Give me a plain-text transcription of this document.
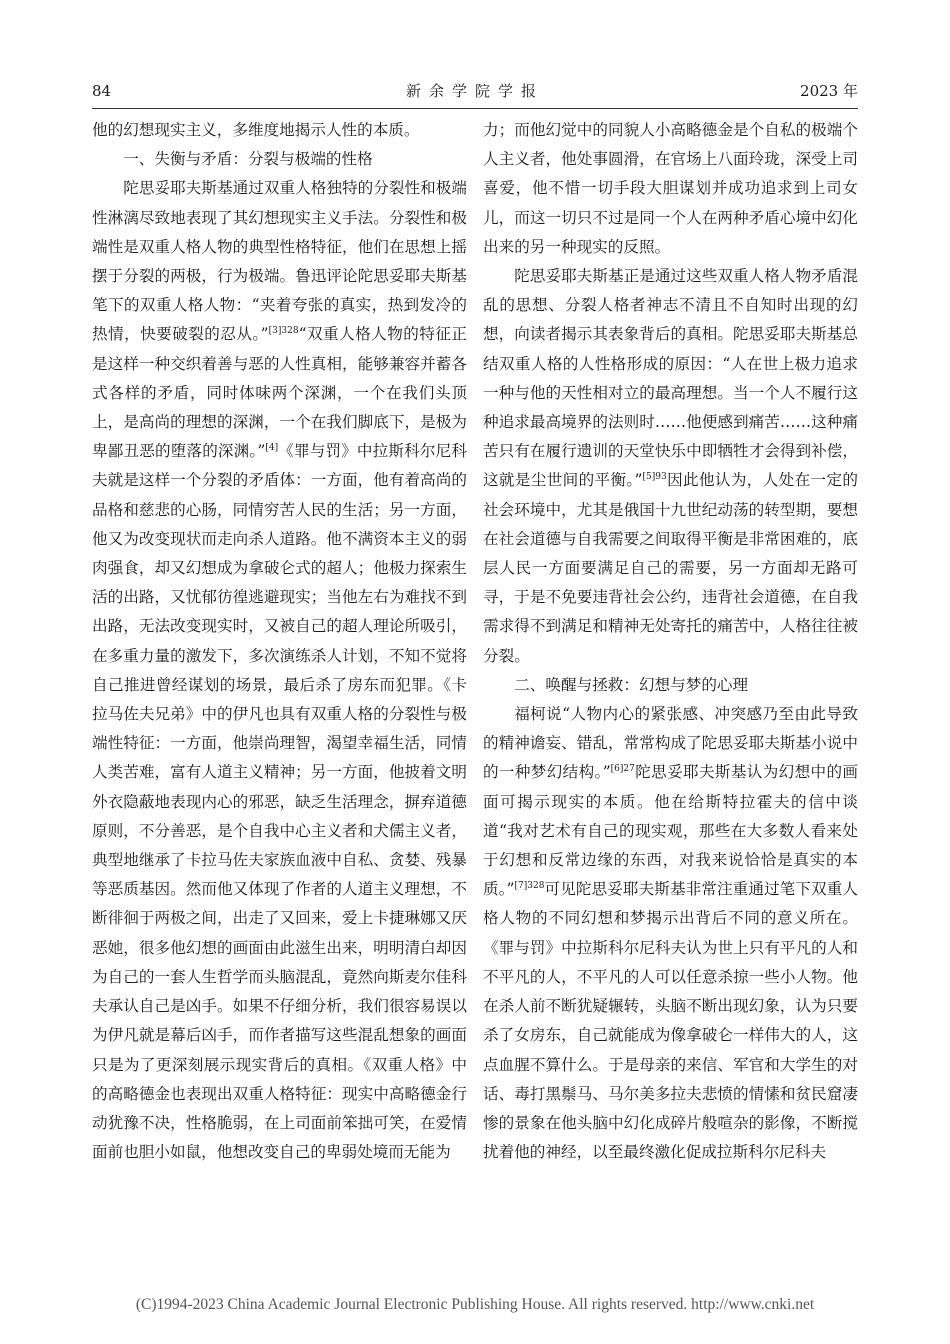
84	新余学院学报	2023 年

他的幻想现实主义，多维度地揭示人性的本质。

一、失衡与矛盾：分裂与极端的性格

陀思妥耶夫斯基通过双重人格独特的分裂性和极端性淋漓尽致地表现了其幻想现实主义手法。分裂性和极端性是双重人格人物的典型性格特征，他们在思想上摇摆于分裂的两极，行为极端。鲁迅评论陀思妥耶夫斯基笔下的双重人格人物：“夹着夸张的真实，热到发冷的热情，快要破裂的忍从。”$^{[3]328}$“双重人格人物的特征正是这样一种交织着善与恶的人性真相，能够兼容并蓄各式各样的矛盾，同时体味两个深渊，一个在我们头顶上，是高尚的理想的深渊，一个在我们脚底下，是极为卑鄙丑恶的堕落的深渊。”[4]《罪与罚》中拉斯科尔尼科夫就是这样一个分裂的矛盾体：一方面，他有着高尚的品格和慈悲的心肠，同情穷苦人民的生活；另一方面，他又为改变现状而走向杀人道路。他不满资本主义的弱肉强食，却又幻想成为拿破仑式的超人；他极力探索生活的出路，又忧郁彷徨逃避现实；当他左右为难找不到出路，无法改变现实时，又被自己的超人理论所吸引，在多重力量的激发下，多次演练杀人计划，不知不觉将自己推进曾经谋划的场景，最后杀了房东而犯罪。《卡拉马佐夫兄弟》中的伊凡也具有双重人格的分裂性与极端性特征：一方面，他崇尚理智，渴望幸福生活，同情人类苦难，富有人道主义精神；另一方面，他披着文明外衣隐蔽地表现内心的邪恶，缺乏生活理念，摒弃道德原则，不分善恶，是个自我中心主义者和犬儒主义者，典型地继承了卡拉马佐夫家族血液中自私、贪婪、残暴等恶质基因。然而他又体现了作者的人道主义理想，不断徘徊于两极之间，出走了又回来，爱上卡捷琳娜又厌恶她，很多他幻想的画面由此滋生出来，明明清白却因为自己的一套人生哲学而头脑混乱，竟然向斯麦尔佳科夫承认自己是凶手。如果不仔细分析，我们很容易误以为伊凡就是幕后凶手，而作者描写这些混乱想象的画面只是为了更深刻展示现实背后的真相。《双重人格》中的高略德金也表现出双重人格特征：现实中高略德金行动犹豫不决，性格脆弱，在上司面前笨拙可笑，在爱情面前也胆小如鼠，他想改变自己的卑弱处境而无能为

力；而他幻觉中的同貌人小高略德金是个自私的极端个人主义者，他处事圆滑，在官场上八面玲珑，深受上司喜爱，他不惜一切手段大胆谋划并成功追求到上司女儿，而这一切只不过是同一个人在两种矛盾心境中幻化出来的另一种现实的反照。

陀思妥耶夫斯基正是通过这些双重人格人物矛盾混乱的思想、分裂人格者神志不清且不自知时出现的幻想，向读者揭示其表象背后的真相。陀思妥耶夫斯基总结双重人格的人性格形成的原因：“人在世上极力追求一种与他的天性相对立的最高理想。当一个人不履行这种追求最高境界的法则时……他便感到痛苦……这种痛苦只有在履行遗训的天堂快乐中即牺牲才会得到补偿，这就是尘世间的平衡。”$^{[5]93}$因此他认为，人处在一定的社会环境中，尤其是俄国十九世纪动荡的转型期，要想在社会道德与自我需要之间取得平衡是非常困难的，底层人民一方面要满足自己的需要，另一方面却无路可寻，于是不免要违背社会公约，违背社会道德，在自我需求得不到满足和精神无处寄托的痛苦中，人格往往被分裂。

二、唤醒与拯救：幻想与梦的心理

福柯说“人物内心的紧张感、冲突感乃至由此导致的精神谵妄、错乱，常常构成了陀思妥耶夫斯基小说中的一种梦幻结构。”$^{[6]27}$陀思妥耶夫斯基认为幻想中的画面可揭示现实的本质。他在给斯特拉霍夫的信中谈道“我对艺术有自己的现实观，那些在大多数人看来处于幻想和反常边缘的东西，对我来说恰恰是真实的本质。”$^{[7]328}$可见陀思妥耶夫斯基非常注重通过笔下双重人格人物的不同幻想和梦揭示出背后不同的意义所在。《罪与罚》中拉斯科尔尼科夫认为世上只有平凡的人和不平凡的人，不平凡的人可以任意杀掠一些小人物。他在杀人前不断犹疑辗转，头脑不断出现幻象，认为只要杀了女房东，自己就能成为像拿破仑一样伟大的人，这点血腥不算什么。于是母亲的来信、军官和大学生的对话、毒打黑鬃马、马尔美多拉夫悲愤的情愫和贫民窟凄惨的景象在他头脑中幻化成碎片般喧杂的影像，不断搅扰着他的神经，以至最终激化促成拉斯科尔尼科夫

(C)1994-2023 China Academic Journal Electronic Publishing House. All rights reserved. http://www.cnki.net
